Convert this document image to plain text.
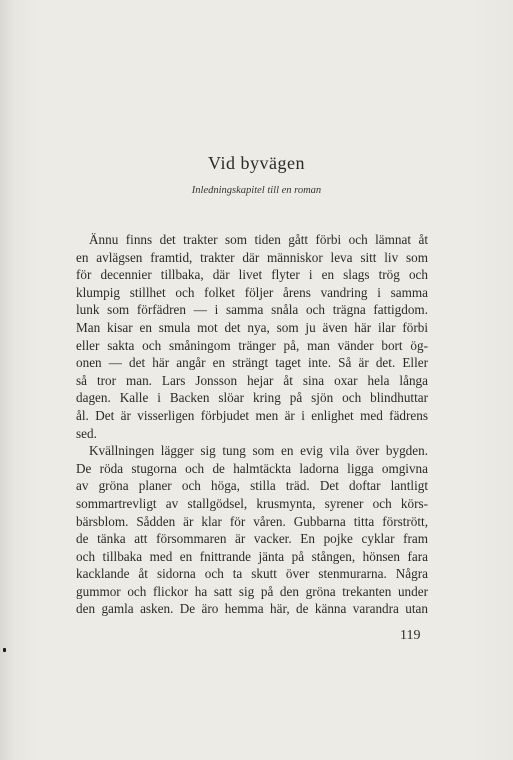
Vid byvägen
Inledningskapitel till en roman
Ännu finns det trakter som tiden gått förbi och lämnat åt
en avlägsen framtid, trakter där människor leva sitt liv som
för decennier tillbaka, där livet flyter i en slags trög och
klumpig stillhet och folket följer årens vandring i samma
lunk som förfädren — i samma snåla och trägna fattigdom.
Man kisar en smula mot det nya, som ju även här ilar förbi
eller sakta och småningom tränger på, man vänder bort ög-
onen — det här angår en strängt taget inte. Så är det. Eller
så tror man. Lars Jonsson hejar åt sina oxar hela långa
dagen. Kalle i Backen slöar kring på sjön och blindhuttar
ål. Det är visserligen förbjudet men är i enlighet med fädrens
sed.
Kvällningen lägger sig tung som en evig vila över bygden.
De röda stugorna och de halmtäckta ladorna ligga omgivna
av gröna planer och höga, stilla träd. Det doftar lantligt
sommartrevligt av stallgödsel, krusmynta, syrener och körs-
bärsblom. Sådden är klar för våren. Gubbarna titta förstrött,
de tänka att försommaren är vacker. En pojke cyklar fram
och tillbaka med en fnittrande jänta på stången, hönsen fara
kacklande åt sidorna och ta skutt över stenmurarna. Några
gummor och flickor ha satt sig på den gröna trekanten under
den gamla asken. De äro hemma här, de känna varandra utan
119
